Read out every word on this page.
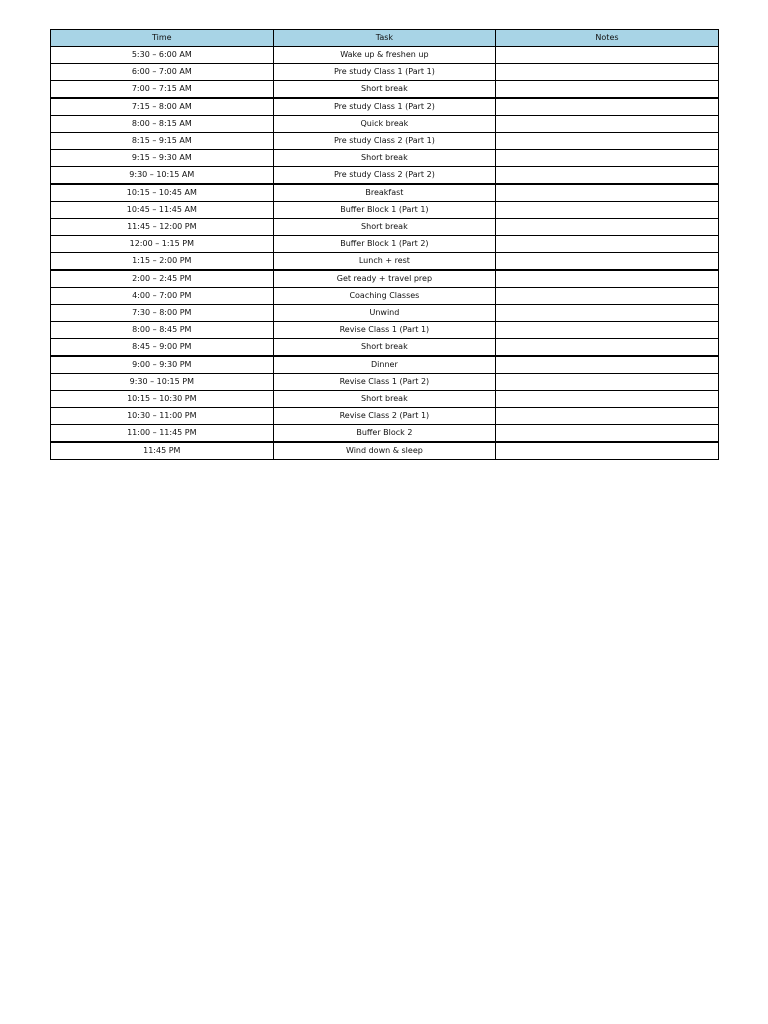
Time	Task	Notes
5:30 – 6:00 AM	Wake up & freshen up	
6:00 – 7:00 AM	Pre study Class 1 (Part 1)	
7:00 – 7:15 AM	Short break	
7:15 – 8:00 AM	Pre study Class 1 (Part 2)	
8:00 – 8:15 AM	Quick break	
8:15 – 9:15 AM	Pre study Class 2 (Part 1)	
9:15 – 9:30 AM	Short break	
9:30 – 10:15 AM	Pre study Class 2 (Part 2)	
10:15 – 10:45 AM	Breakfast	
10:45 – 11:45 AM	Buffer Block 1 (Part 1)	
11:45 – 12:00 PM	Short break	
12:00 – 1:15 PM	Buffer Block 1 (Part 2)	
1:15 – 2:00 PM	Lunch + rest	
2:00 – 2:45 PM	Get ready + travel prep	
4:00 – 7:00 PM	Coaching Classes	
7:30 – 8:00 PM	Unwind	
8:00 – 8:45 PM	Revise Class 1 (Part 1)	
8:45 – 9:00 PM	Short break	
9:00 – 9:30 PM	Dinner	
9:30 – 10:15 PM	Revise Class 1 (Part 2)	
10:15 – 10:30 PM	Short break	
10:30 – 11:00 PM	Revise Class 2 (Part 1)	
11:00 – 11:45 PM	Buffer Block 2	
11:45 PM	Wind down & sleep	
